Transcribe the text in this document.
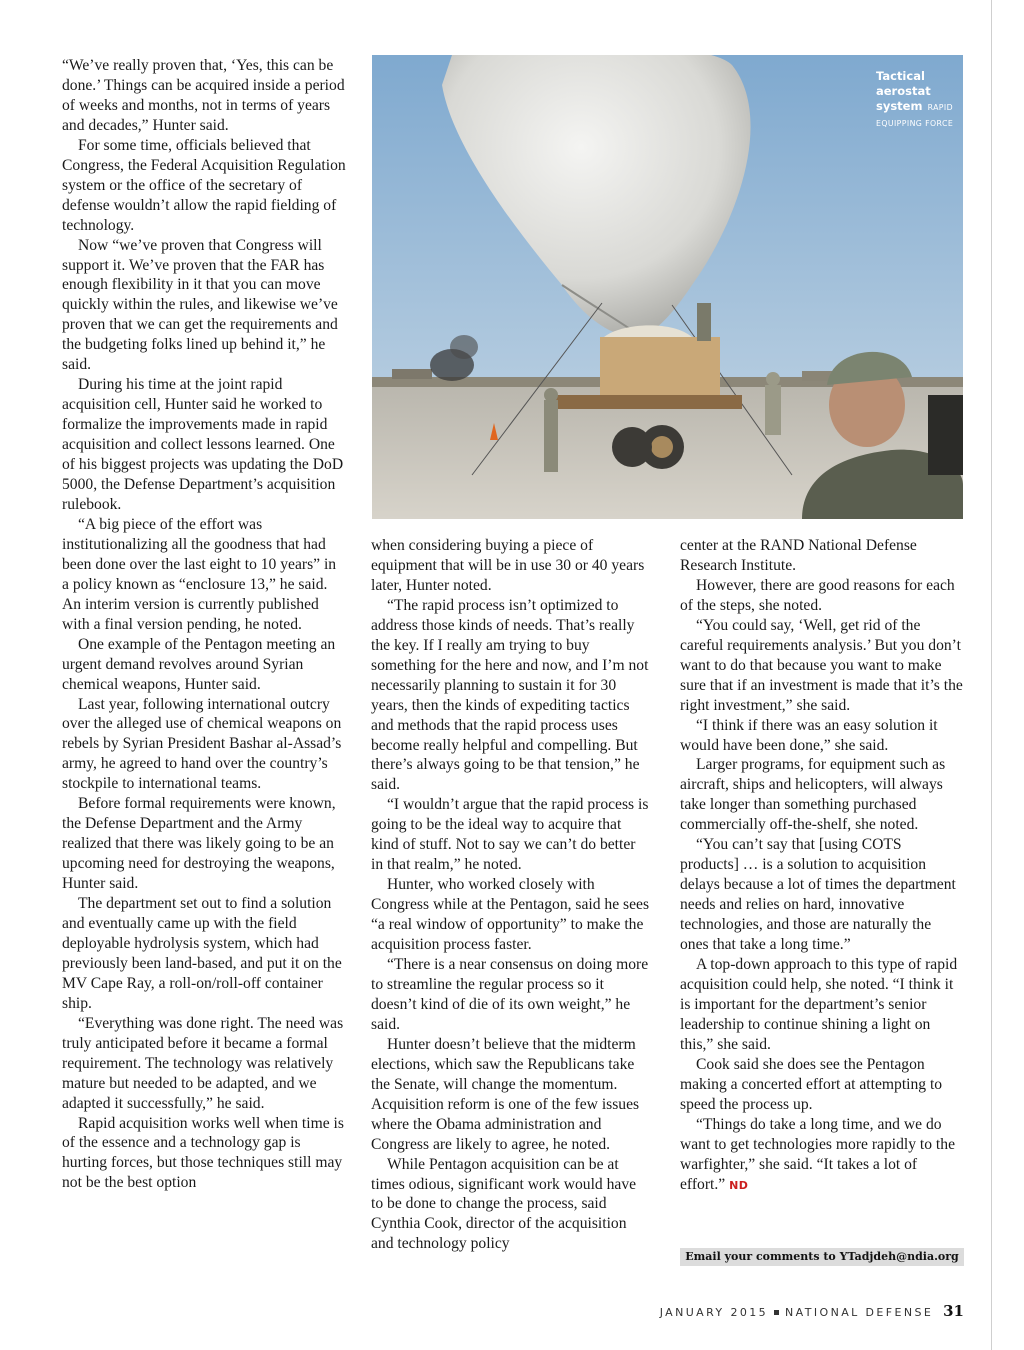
“We’ve really proven that, ‘Yes, this can be done.’ Things can be acquired inside a period of weeks and months, not in terms of years and decades,” Hunter said.

For some time, officials believed that Congress, the Federal Acquisition Regulation system or the office of the secretary of defense wouldn’t allow the rapid fielding of technology.

Now “we’ve proven that Congress will support it. We’ve proven that the FAR has enough flexibility in it that you can move quickly within the rules, and likewise we’ve proven that we can get the requirements and the budgeting folks lined up behind it,” he said.

During his time at the joint rapid acquisition cell, Hunter said he worked to formalize the improvements made in rapid acquisition and collect lessons learned. One of his biggest projects was updating the DoD 5000, the Defense Department’s acquisition rulebook.

“A big piece of the effort was institutionalizing all the goodness that had been done over the last eight to 10 years” in a policy known as “enclosure 13,” he said. An interim version is currently published with a final version pending, he noted.

One example of the Pentagon meeting an urgent demand revolves around Syrian chemical weapons, Hunter said.

Last year, following international outcry over the alleged use of chemical weapons on rebels by Syrian President Bashar al-Assad’s army, he agreed to hand over the country’s stockpile to international teams.

Before formal requirements were known, the Defense Department and the Army realized that there was likely going to be an upcoming need for destroying the weapons, Hunter said.

The department set out to find a solution and eventually came up with the field deployable hydrolysis system, which had previously been land-based, and put it on the MV Cape Ray, a roll-on/roll-off container ship.

“Everything was done right. The need was truly anticipated before it became a formal requirement. The technology was relatively mature but needed to be adapted, and we adapted it successfully,” he said.

Rapid acquisition works well when time is of the essence and a technology gap is hurting forces, but those techniques still may not be the best option

Tactical aerostat system RAPID EQUIPPING FORCE

when considering buying a piece of equipment that will be in use 30 or 40 years later, Hunter noted.

“The rapid process isn’t optimized to address those kinds of needs. That’s really the key. If I really am trying to buy something for the here and now, and I’m not necessarily planning to sustain it for 30 years, then the kinds of expediting tactics and methods that the rapid process uses become really helpful and compelling. But there’s always going to be that tension,” he said.

“I wouldn’t argue that the rapid process is going to be the ideal way to acquire that kind of stuff. Not to say we can’t do better in that realm,” he noted.

Hunter, who worked closely with Congress while at the Pentagon, said he sees “a real window of opportunity” to make the acquisition process faster.

“There is a near consensus on doing more to streamline the regular process so it doesn’t kind of die of its own weight,” he said.

Hunter doesn’t believe that the midterm elections, which saw the Republicans take the Senate, will change the momentum. Acquisition reform is one of the few issues where the Obama administration and Congress are likely to agree, he noted.

While Pentagon acquisition can be at times odious, significant work would have to be done to change the process, said Cynthia Cook, director of the acquisition and technology policy

center at the RAND National Defense Research Institute.

However, there are good reasons for each of the steps, she noted.

“You could say, ‘Well, get rid of the careful requirements analysis.’ But you don’t want to do that because you want to make sure that if an investment is made that it’s the right investment,” she said.

“I think if there was an easy solution it would have been done,” she said.

Larger programs, for equipment such as aircraft, ships and helicopters, will always take longer than something purchased commercially off-the-shelf, she noted.

“You can’t say that [using COTS products] … is a solution to acquisition delays because a lot of times the department needs and relies on hard, innovative technologies, and those are naturally the ones that take a long time.”

A top-down approach to this type of rapid acquisition could help, she noted. “I think it is important for the department’s senior leadership to continue shining a light on this,” she said.

Cook said she does see the Pentagon making a concerted effort at attempting to speed the process up.

“Things do take a long time, and we do want to get technologies more rapidly to the warfighter,” she said. “It takes a lot of effort.” ND

Email your comments to YTadjdeh@ndia.org
JANUARY 2015 NATIONAL DEFENSE 31
